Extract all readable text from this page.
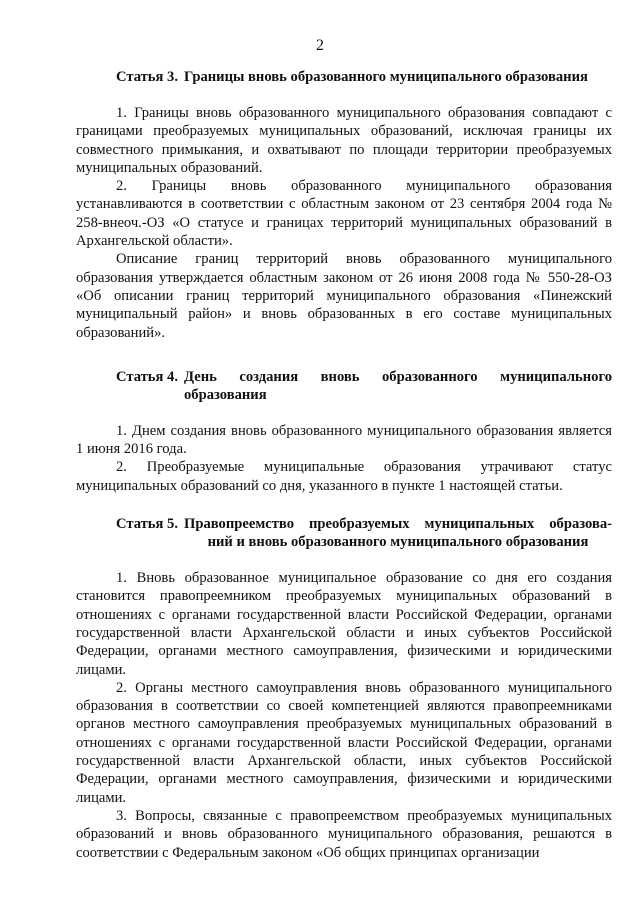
2
Статья 3. Границы вновь образованного муниципального образования

1. Границы вновь образованного муниципального образования совпадают с границами преобразуемых муниципальных образований, исключая границы их совместного примыкания, и охватывают по площади территории преобразуемых муниципальных образований.

2. Границы вновь образованного муниципального образования устанавливаются в соответствии с областным законом от 23 сентября 2004 года № 258-внеоч.-ОЗ «О статусе и границах территорий муниципальных образований в Архангельской области».

Описание границ территорий вновь образованного муниципального образования утверждается областным законом от 26 июня 2008 года № 550-28-ОЗ «Об описании границ территорий муниципального образования «Пинежский муниципальный район» и вновь образованных в его составе муниципальных образований».

Статья 4. День создания вновь образованного муниципального
образования

1. Днем создания вновь образованного муниципального образования является 1 июня 2016 года.

2. Преобразуемые муниципальные образования утрачивают статус муниципальных образований со дня, указанного в пункте 1 настоящей статьи.

Статья 5. Правопреемство преобразуемых муниципальных образова-
ний и вновь образованного муниципального образования

1. Вновь образованное муниципальное образование со дня его создания становится правопреемником преобразуемых муниципальных образований в отношениях с органами государственной власти Российской Федерации, органами государственной власти Архангельской области и иных субъектов Российской Федерации, органами местного самоуправления, физическими и юридическими лицами.

2. Органы местного самоуправления вновь образованного муниципального образования в соответствии со своей компетенцией являются правопреемниками органов местного самоуправления преобразуемых муниципальных образований в отношениях с органами государственной власти Российской Федерации, органами государственной власти Архангельской области, иных субъектов Российской Федерации, органами местного самоуправления, физическими и юридическими лицами.

3. Вопросы, связанные с правопреемством преобразуемых муниципальных образований и вновь образованного муниципального образования, решаются в соответствии с Федеральным законом «Об общих принципах организации
